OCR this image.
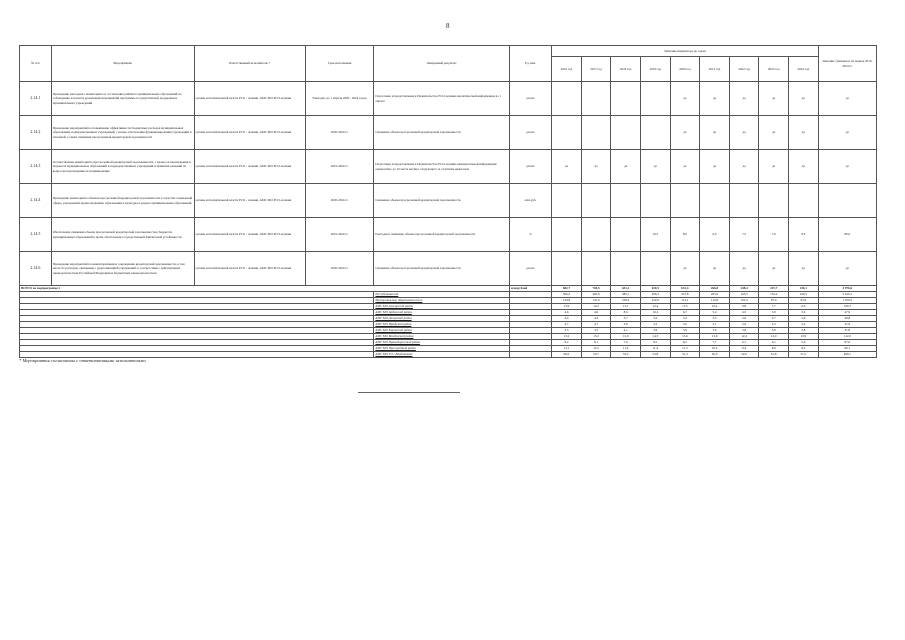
8
№ п/п	Мероприятия	Ответственный исполнитель *	Срок исполнения	Ожидаемый результат	Ед. изм.	Значение индикатора по годам									Значение суммарное на период 2016-2024 гг.
						2016 год	2017 год	2018 год	2019 год	2020 год	2021 год	2022 год	2023 год	2024 год	
2.14.1	Проведение ежегодного мониторинга и составление рейтинга муниципальных образований по соблюдению и полноте реализации мероприятий программы государственной поддержки и муниципальных учреждений	органы исполнительной власти РСО - Алания, АМС МО РСО-Алания	Ежегодно до 1 апреля 2020 - 2024 годов	Подготовка и представление в Правительство РСО-Алания аналитической информации до 1 апреля	да/нет					да	да	да	да	да	да
2.14.2	Проведение мероприятий по повышению эффективности бюджетных расходов муниципальных образований, подведомственных учреждений, с целью обеспечения функционирования учреждений и платежей, а также снижения просроченной кредиторской задолженности	органы исполнительной власти РСО - Алания, АМС МО РСО-Алания	2020-2024 гг.	Снижение объема просроченной кредиторской задолженности	да/нет					да	да	да	да	да	да
2.14.3	Осуществление мониторинга просроченной кредиторской задолженности, с целью её недопущения в бюджетах муниципальных образований и подведомственных учреждений и принятия решений по вопросам недопущения её возникновения	органы исполнительной власти РСО - Алания, АМС МО РСО-Алания	2016-2024 гг.	Подготовка и представление в Правительство РСО-Алания ежеквартальной информации ежемесячно до 10 числа месяца, следующего за отчетным кварталом	да/нет	да	да	да	да	да	да	да	да	да	да
2.14.4	Проведение мониторинга объемов просроченной кредиторской задолженности в отраслях социальной сферы, учреждений здравоохранения, образования и культуры в разрезе муниципальных образований	органы исполнительной власти РСО - Алания, АМС МО РСО-Алания	2020-2024 гг.	Снижение объема просроченной кредиторской задолженности	млн.руб.										
2.14.5	Обеспечение снижения объема просроченной кредиторской задолженности в бюджетах муниципальных образований в целях обеспечения государственной финансовой устойчивости	органы исполнительной власти РСО - Алания, АМС МО РСО-Алания	2016-2024 гг.	Ежегодное снижение объема просроченной кредиторской задолженности	%				10,5	8,0	6,0	7,5	7,6	8,0	80,0
2.14.6	Проведение мероприятий по инвентаризации и сокращению кредиторской задолженности, в том числе по расходам, связанным с реорганизацией учреждений, в соответствии с действующим законодательством Российской Федерации и бюджетным законодательством	органы исполнительной власти РСО - Алания, АМС МО РСО-Алания	2020-2024 гг.	Снижение объема просроченной кредиторской задолженности	да/нет					да	да	да	да	да	да
ВСЕГО по подпрограмме 2					млн.рублей	682,7	704,5	631,2	610,5	631,4	266,8	248,4	247,7	230,1	3 976,6
				Республиканский		506,2	465,9	382,1	296,3	315,8	265,6	163,5	154,2	109,5	2 916,1
				Муниципальные образования всего		134,8	131,6	108,4	122,9	114,1	112,8	101,9	97,4	95,9	1 079,5
				АМС МО Алагирский район		13,6	14,2	13,1	12,4	11,5	10,4	9,8	7,7	6,9	100,3
				АМС МО Ардонский район		4,6	4,6	8,6	10,2	6,7	5,4	4,5	3,9	3,9	47,9
				АМС МО Дигорский район		4,4	4,4	3,7	3,5	3,4	3,3	2,9	2,7	2,9	28,8
				АМС МО Ирафский район		4,7	4,7	3,8	3,3	3,0	3,1	2,6	2,2	2,4	31,9
				АМС МО Кировский район		3,5	3,5	4,1	3,9	3,9	3,6	2,8	3,9	2,8	31,8
				АМС МО Моздокский район		13,2	15,2	12,9	14,5	13,6	13,6	12,4	12,0	10,9	112,0
				АМС МО Правобережный район		8,2	8,1	7,6	8,5	8,2	7,7	6,7	6,1	5,6	67,6
				АМС МО Пригородный район		13,1	12,5	11,9	11,4	11,3	10,0	9,4	8,6	8,2	96,1
				АМС МО ГО г.Владикавказ		60,0	59,7	55,2	53,8	51,3	50,0	52,6	51,8	51,5	490,1
* Мероприятия согласованы с ответственными исполнителями
